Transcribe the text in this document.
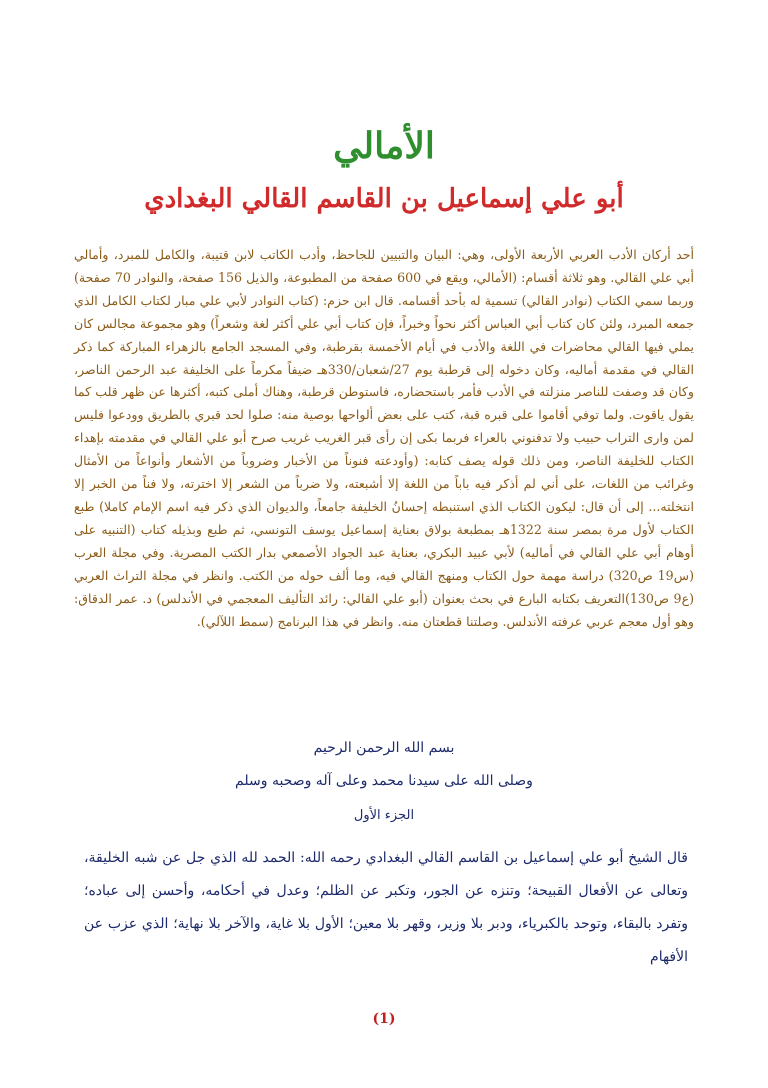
الأمالي
أبو علي إسماعيل بن القاسم القالي البغدادي

أحد أركان الأدب العربي الأربعة الأولى، وهي: البيان والتبيين للجاحظ، وأدب الكاتب لابن قتيبة، والكامل للمبرد، وأمالي أبي علي القالي. وهو ثلاثة أقسام: (الأمالي، ويقع في 600 صفحة من المطبوعة، والذيل 156 صفحة، والنوادر 70 صفحة) وربما سمي الكتاب (نوادر القالي) تسمية له بأحد أقسامه. قال ابن حزم: (كتاب النوادر لأبي علي مبار لكتاب الكامل الذي جمعه المبرد، ولئن كان كتاب أبي العباس أكثر نحواً وخبراً، فإن كتاب أبي علي أكثر لغة وشعراً) وهو مجموعة مجالس كان يملي فيها القالي محاضرات في اللغة والأدب في أيام الأخمسة بقرطبة، وفي المسجد الجامع بالزهراء المباركة كما ذكر القالي في مقدمة أماليه، وكان دخوله إلى قرطبة يوم 27/شعبان/330هـ ضيفاً مكرماً على الخليفة عبد الرحمن الناصر، وكان قد وصفت للناصر منزلته في الأدب فأمر باستحضاره، فاستوطن قرطبة، وهناك أملى كتبه، أكثرها عن ظهر قلب كما يقول ياقوت. ولما توفي أقاموا على قبره قبة، كتب على بعض ألواحها بوصية منه: صلوا لحد قبري بالطريق وودعوا فليس لمن وارى التراب حبيب ولا تدفنوني بالعراء فربما بكى إن رأى قبر الغريب غريب صرح أبو علي القالي في مقدمته بإهداء الكتاب للخليفة الناصر، ومن ذلك قوله يصف كتابه: (وأودعته فنوناً من الأخبار وضروباً من الأشعار وأنواعاً من الأمثال وغرائب من اللغات، على أني لم أذكر فيه باباً من اللغة إلا أشبعته، ولا ضرباً من الشعر إلا اخترته، ولا فناً من الخبر إلا انتخلته... إلى أن قال: ليكون الكتاب الذي استنبطه إحسانُ الخليفة جامعاً، والديوان الذي ذكر فيه اسم الإمام كاملا) طبع الكتاب لأول مرة بمصر سنة 1322هـ بمطبعة بولاق بعناية إسماعيل يوسف التونسي، ثم طبع وبذيله كتاب (التنبيه على أوهام أبي علي القالي في أماليه) لأبي عبيد البكري، بعناية عبد الجواد الأصمعي بدار الكتب المصرية. وفي مجلة العرب (س19 ص320) دراسة مهمة حول الكتاب ومنهج القالي فيه، وما ألف حوله من الكتب. وانظر في مجلة التراث العربي (ع9 ص130)التعريف بكتابه البارع في بحث بعنوان (أبو علي القالي: رائد التأليف المعجمي في الأندلس) د. عمر الدقاق: وهو أول معجم عربي عرفته الأندلس. وصلتنا قطعتان منه. وانظر في هذا البرنامج (سمط اللآلي).

بسم الله الرحمن الرحيم

وصلى الله على سيدنا محمد وعلى آله وصحبه وسلم

الجزء الأول

قال الشيخ أبو علي إسماعيل بن القاسم القالي البغدادي رحمه الله: الحمد لله الذي جل عن شبه الخليقة، وتعالى عن الأفعال القبيحة؛ وتنزه عن الجور، وتكبر عن الظلم؛ وعدل في أحكامه، وأحسن إلى عباده؛ وتفرد بالبقاء، وتوحد بالكبرياء، ودبر بلا وزير، وقهر بلا معين؛ الأول بلا غاية، والآخر بلا نهاية؛ الذي عزب عن الأفهام

(1)
